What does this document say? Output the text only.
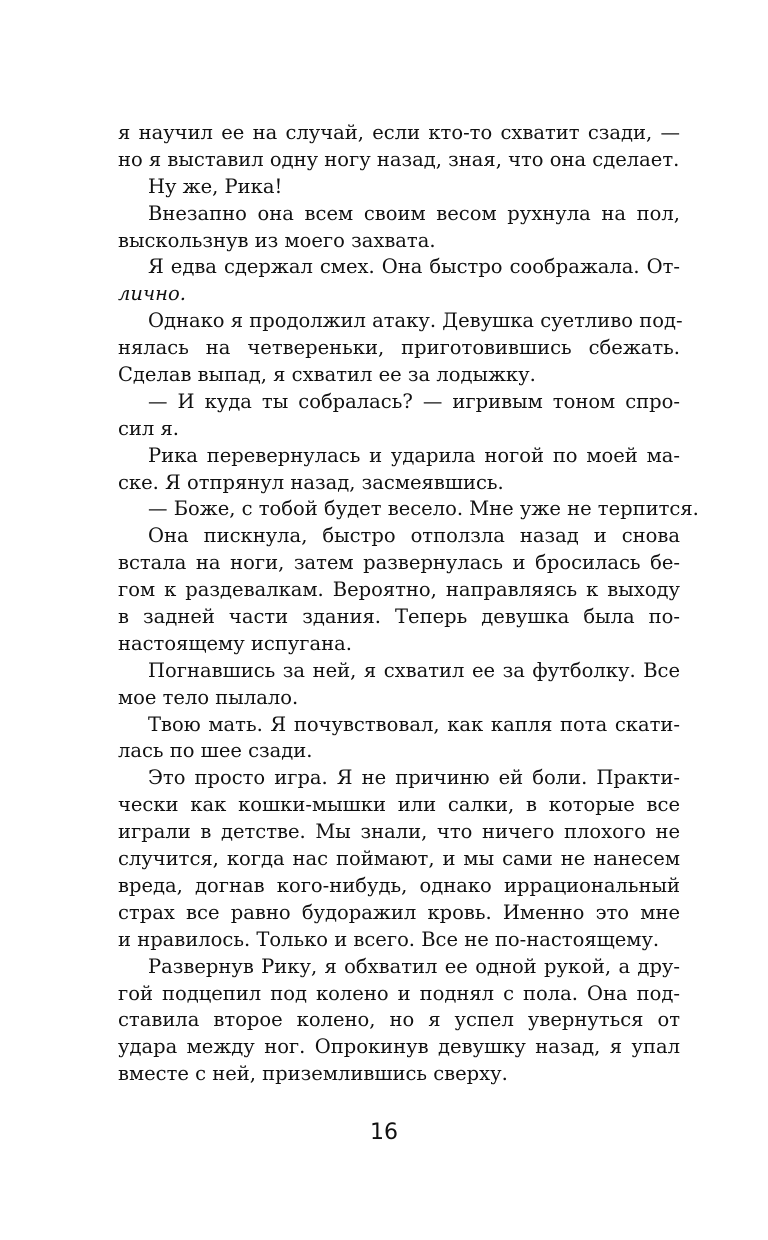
я научил ее на случай, если кто-то схватит сзади, —
но я выставил одну ногу назад, зная, что она сделает.
Ну же, Рика!
Внезапно она всем своим весом рухнула на пол,
выскользнув из моего захвата.
Я едва сдержал смех. Она быстро соображала. От-
лично.
Однако я продолжил атаку. Девушка суетливо под-
нялась на четвереньки, приготовившись сбежать.
Сделав выпад, я схватил ее за лодыжку.
— И куда ты собралась? — игривым тоном спро-
сил я.
Рика перевернулась и ударила ногой по моей ма-
ске. Я отпрянул назад, засмеявшись.
— Боже, с тобой будет весело. Мне уже не терпится.
Она пискнула, быстро отползла назад и снова
встала на ноги, затем развернулась и бросилась бе-
гом к раздевалкам. Вероятно, направляясь к выходу
в задней части здания. Теперь девушка была по-
настоящему испугана.
Погнавшись за ней, я схватил ее за футболку. Все
мое тело пылало.
Твою мать. Я почувствовал, как капля пота скати-
лась по шее сзади.
Это просто игра. Я не причиню ей боли. Практи-
чески как кошки-мышки или салки, в которые все
играли в детстве. Мы знали, что ничего плохого не
случится, когда нас поймают, и мы сами не нанесем
вреда, догнав кого-нибудь, однако иррациональный
страх все равно будоражил кровь. Именно это мне
и нравилось. Только и всего. Все не по-настоящему.
Развернув Рику, я обхватил ее одной рукой, а дру-
гой подцепил под колено и поднял с пола. Она под-
ставила второе колено, но я успел увернуться от
удара между ног. Опрокинув девушку назад, я упал
вместе с ней, приземлившись сверху.
16
